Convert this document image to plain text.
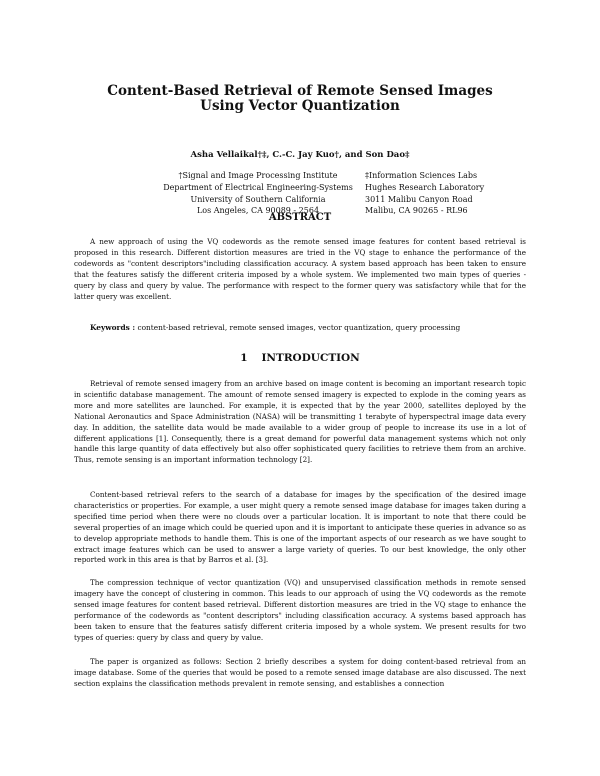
Content-Based Retrieval of Remote Sensed Images
Using Vector Quantization
Asha Vellaikal†‡, C.-C. Jay Kuo†, and Son Dao‡
†Signal and Image Processing Institute
Department of Electrical Engineering-Systems
University of Southern California
Los Angeles, CA 90089 - 2564
‡Information Sciences Labs
Hughes Research Laboratory
3011 Malibu Canyon Road
Malibu, CA 90265 - RL96
ABSTRACT
A new approach of using the VQ codewords as the remote sensed image features for content based retrieval is proposed in this research. Different distortion measures are tried in the VQ stage to enhance the performance of the codewords as "content descriptors"including classification accuracy. A system based approach has been taken to ensure that the features satisfy the different criteria imposed by a whole system. We implemented two main types of queries - query by class and query by value. The performance with respect to the former query was satisfactory while that for the latter query was excellent.
Keywords : content-based retrieval, remote sensed images, vector quantization, query processing
1 INTRODUCTION
Retrieval of remote sensed imagery from an archive based on image content is becoming an important research topic in scientific database management. The amount of remote sensed imagery is expected to explode in the coming years as more and more satellites are launched. For example, it is expected that by the year 2000, satellites deployed by the National Aeronautics and Space Administration (NASA) will be transmitting 1 terabyte of hyperspectral image data every day. In addition, the satellite data would be made available to a wider group of people to increase its use in a lot of different applications [1]. Consequently, there is a great demand for powerful data management systems which not only handle this large quantity of data effectively but also offer sophisticated query facilities to retrieve them from an archive. Thus, remote sensing is an important information technology [2].
Content-based retrieval refers to the search of a database for images by the specification of the desired image characteristics or properties. For example, a user might query a remote sensed image database for images taken during a specified time period when there were no clouds over a particular location. It is important to note that there could be several properties of an image which could be queried upon and it is important to anticipate these queries in advance so as to develop appropriate methods to handle them. This is one of the important aspects of our research as we have sought to extract image features which can be used to answer a large variety of queries. To our best knowledge, the only other reported work in this area is that by Barros et al. [3].
The compression technique of vector quantization (VQ) and unsupervised classification methods in remote sensed imagery have the concept of clustering in common. This leads to our approach of using the VQ codewords as the remote sensed image features for content based retrieval. Different distortion measures are tried in the VQ stage to enhance the performance of the codewords as "content descriptors" including classification accuracy. A systems based approach has been taken to ensure that the features satisfy different criteria imposed by a whole system. We present results for two types of queries: query by class and query by value.
The paper is organized as follows: Section 2 briefly describes a system for doing content-based retrieval from an image database. Some of the queries that would be posed to a remote sensed image database are also discussed. The next section explains the classification methods prevalent in remote sensing, and establishes a connection
